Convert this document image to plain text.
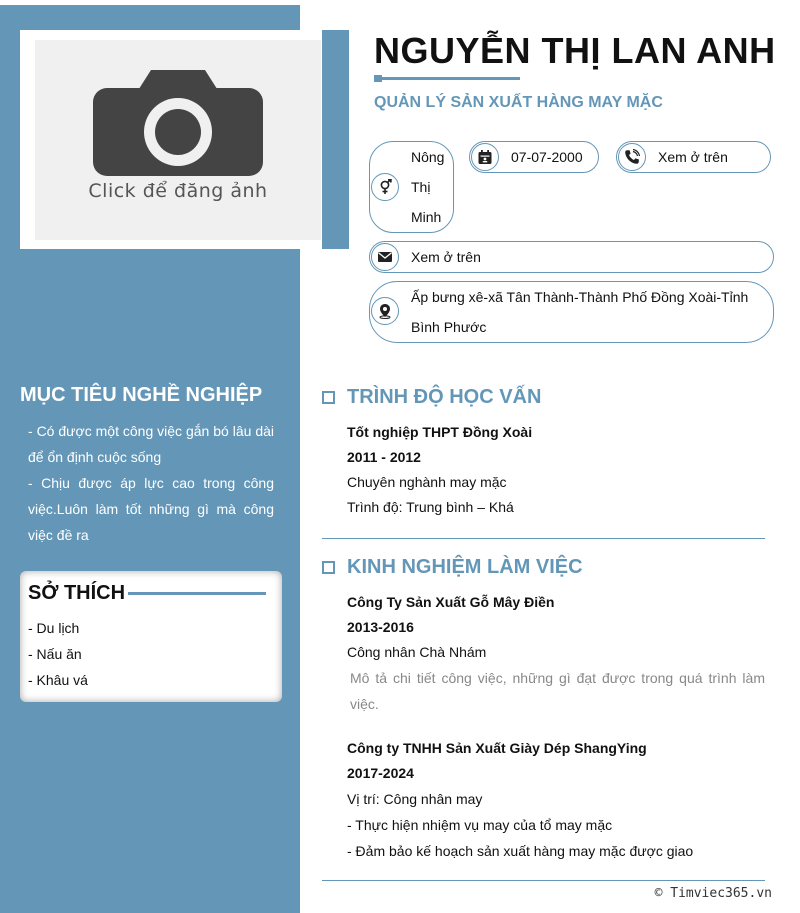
Click để đăng ảnh
MỤC TIÊU NGHỀ NGHIỆP

- Có được một công việc gắn bó lâu dài để ổn định cuộc sống

- Chịu được áp lực cao trong công việc.Luôn làm tốt những gì mà công việc đề ra

SỞ THÍCH
- Du lịch
- Nấu ăn
- Khâu vá
NGUYỄN THỊ LAN ANH
QUẢN LÝ SẢN XUẤT HÀNG MAY MẶC
Nông
Thị
Minh
07-07-2000	Xem ở trên
Xem ở trên
Ấp bưng xê-xã Tân Thành-Thành Phố Đồng Xoài-Tỉnh Bình Phước
TRÌNH ĐỘ HỌC VẤN
Tốt nghiệp THPT Đồng Xoài
2011 - 2012
Chuyên nghành may mặc
Trình độ: Trung bình – Khá
KINH NGHIỆM LÀM VIỆC
Công Ty Sản Xuất Gỗ Mây Điền
2013-2016
Công nhân Chà Nhám
Mô tả chi tiết công việc, những gì đạt được trong quá trình làm việc.
Công ty TNHH Sản Xuất Giày Dép ShangYing
2017-2024
Vị trí: Công nhân may
- Thực hiện nhiệm vụ may của tổ may mặc
- Đảm bảo kế hoạch sản xuất hàng may mặc được giao
© Timviec365.vn
